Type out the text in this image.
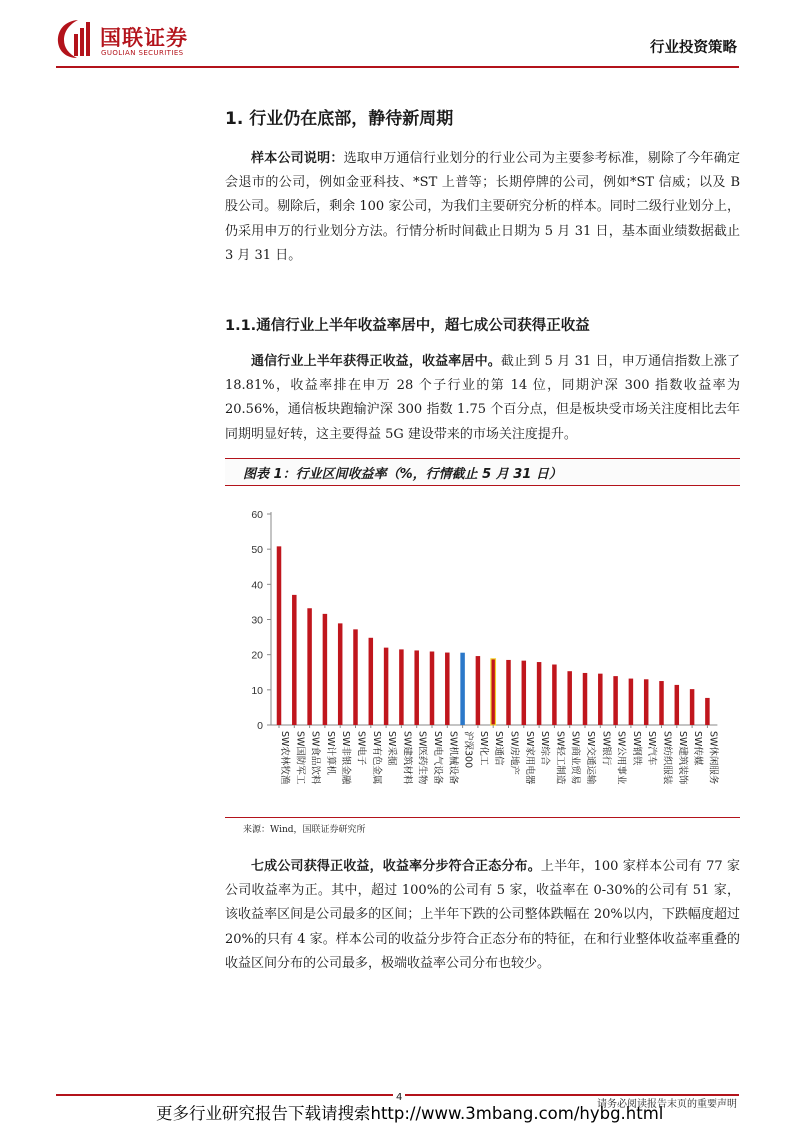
国联证券
GUOLIAN SECURITIES	行业投资策略
1. 行业仍在底部，静待新周期

样本公司说明：选取申万通信行业划分的行业公司为主要参考标准，剔除了今年确定会退市的公司，例如金亚科技、*ST 上普等；长期停牌的公司，例如*ST 信威；以及 B 股公司。剔除后，剩余 100 家公司，为我们主要研究分析的样本。同时二级行业划分上，仍采用申万的行业划分方法。行情分析时间截止日期为 5 月 31 日，基本面业绩数据截止 3 月 31 日。

1.1.通信行业上半年收益率居中，超七成公司获得正收益

通信行业上半年获得正收益，收益率居中。截止到 5 月 31 日，申万通信指数上涨了 18.81%，收益率排在申万 28 个子行业的第 14 位，同期沪深 300 指数收益率为 20.56%，通信板块跑输沪深 300 指数 1.75 个百分点，但是板块受市场关注度相比去年同期明显好转，这主要得益 5G 建设带来的市场关注度提升。

图表 1：行业区间收益率（%，行情截止 5 月 31 日）
0
10
20
30
40
50
60
SW农林牧渔 SW国防军工 SW食品饮料 SW计算机 SW非银金融 SW电子 SW有色金属 SW采掘 SW建筑材料 SW医药生物 SW电气设备 SW机械设备 沪深300 SW化工 SW通信 SW房地产 SW家用电器 SW综合 SW轻工制造 SW商业贸易 SW交通运输 SW银行 SW公用事业 SW钢铁 SW汽车 SW纺织服装 SW建筑装饰 SW传媒 SW休闲服务
来源：Wind，国联证券研究所

七成公司获得正收益，收益率分步符合正态分布。上半年，100 家样本公司有 77 家公司收益率为正。其中，超过 100%的公司有 5 家，收益率在 0-30%的公司有 51 家，该收益率区间是公司最多的区间；上半年下跌的公司整体跌幅在 20%以内，下跌幅度超过 20%的只有 4 家。样本公司的收益分步符合正态分布的特征，在和行业整体收益率重叠的收益区间分布的公司最多，极端收益率公司分布也较少。

4
请务必阅读报告末页的重要声明
更多行业研究报告下载请搜索http://www.3mbang.com/hybg.html
